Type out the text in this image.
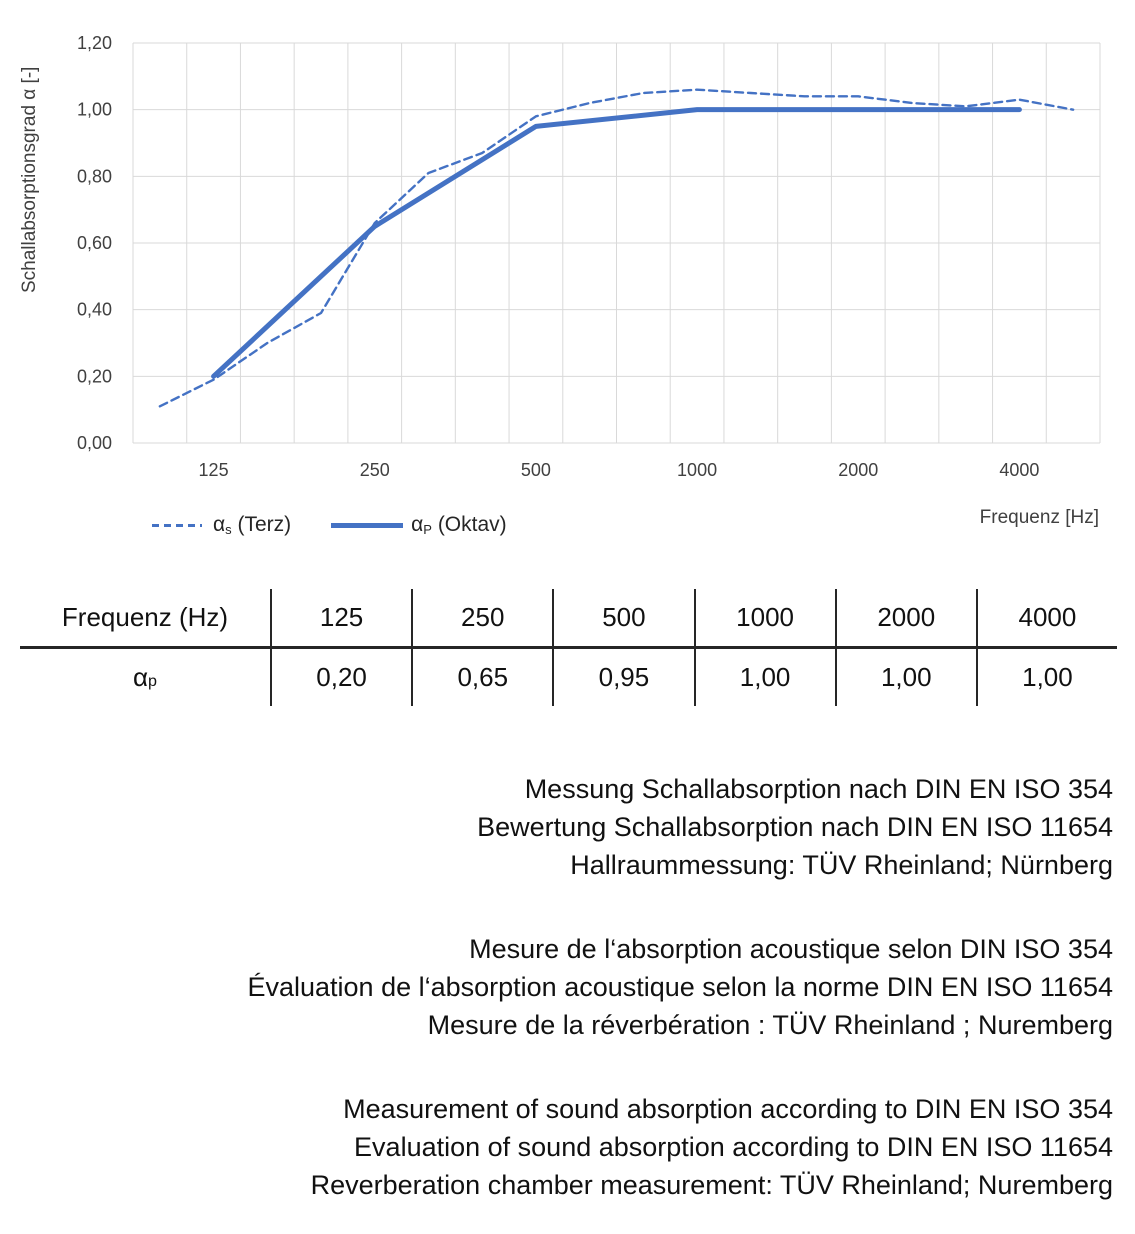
1,20
1,00
0,80
0,60
0,40
0,20
0,00
125	250	500	1000	2000	4000
Schallabsorptionsgrad α [-]
Frequenz [Hz]
αs (Terz)	αP (Oktav)
Frequenz (Hz)	125	250	500	1000	2000	4000
α p	0,20	0,65	0,95	1,00	1,00	1,00
Messung Schallabsorption nach DIN EN ISO 354
Bewertung Schallabsorption nach DIN EN ISO 11654
Hallraummessung: TÜV Rheinland; Nürnberg
Mesure de l‘absorption acoustique selon DIN ISO 354
Évaluation de l‘absorption acoustique selon la norme DIN EN ISO 11654
Mesure de la réverbération : TÜV Rheinland ; Nuremberg
Measurement of sound absorption according to DIN EN ISO 354
Evaluation of sound absorption according to DIN EN ISO 11654
Reverberation chamber measurement: TÜV Rheinland; Nuremberg
